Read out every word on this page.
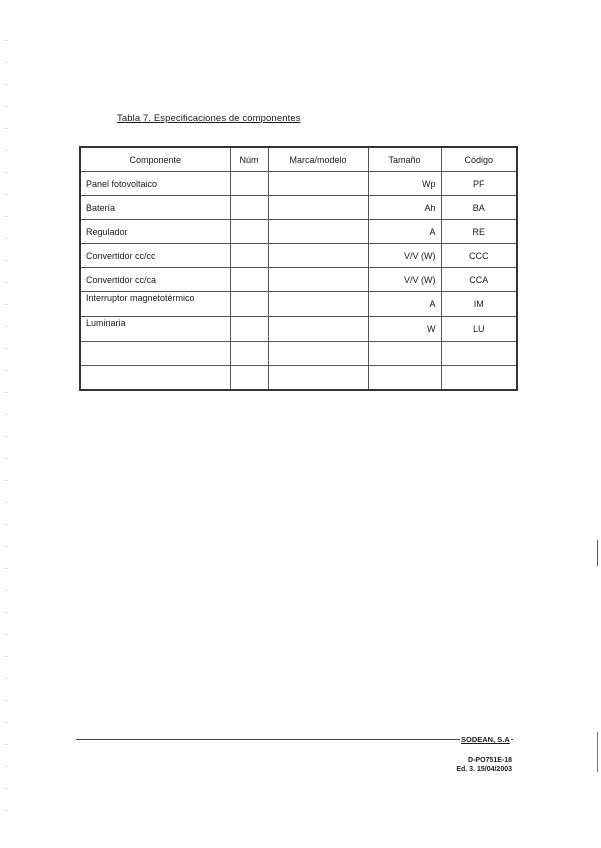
Tabla 7. Especificaciones de componentes
Componente	Núm	Marca/modelo	Tamaño	Código
Panel fotovoltaico			Wp	PF
Batería			Ah	BA
Regulador			A	RE
Convertidor cc/cc			V/V (W)	CCC
Convertidor cc/ca			V/V (W)	CCA
Interruptor magnetotérmico			A	IM
Luminaria			W	LU

SODEAN, S.A
D-PO751E-18
Ed. 3. 15/04/2003
